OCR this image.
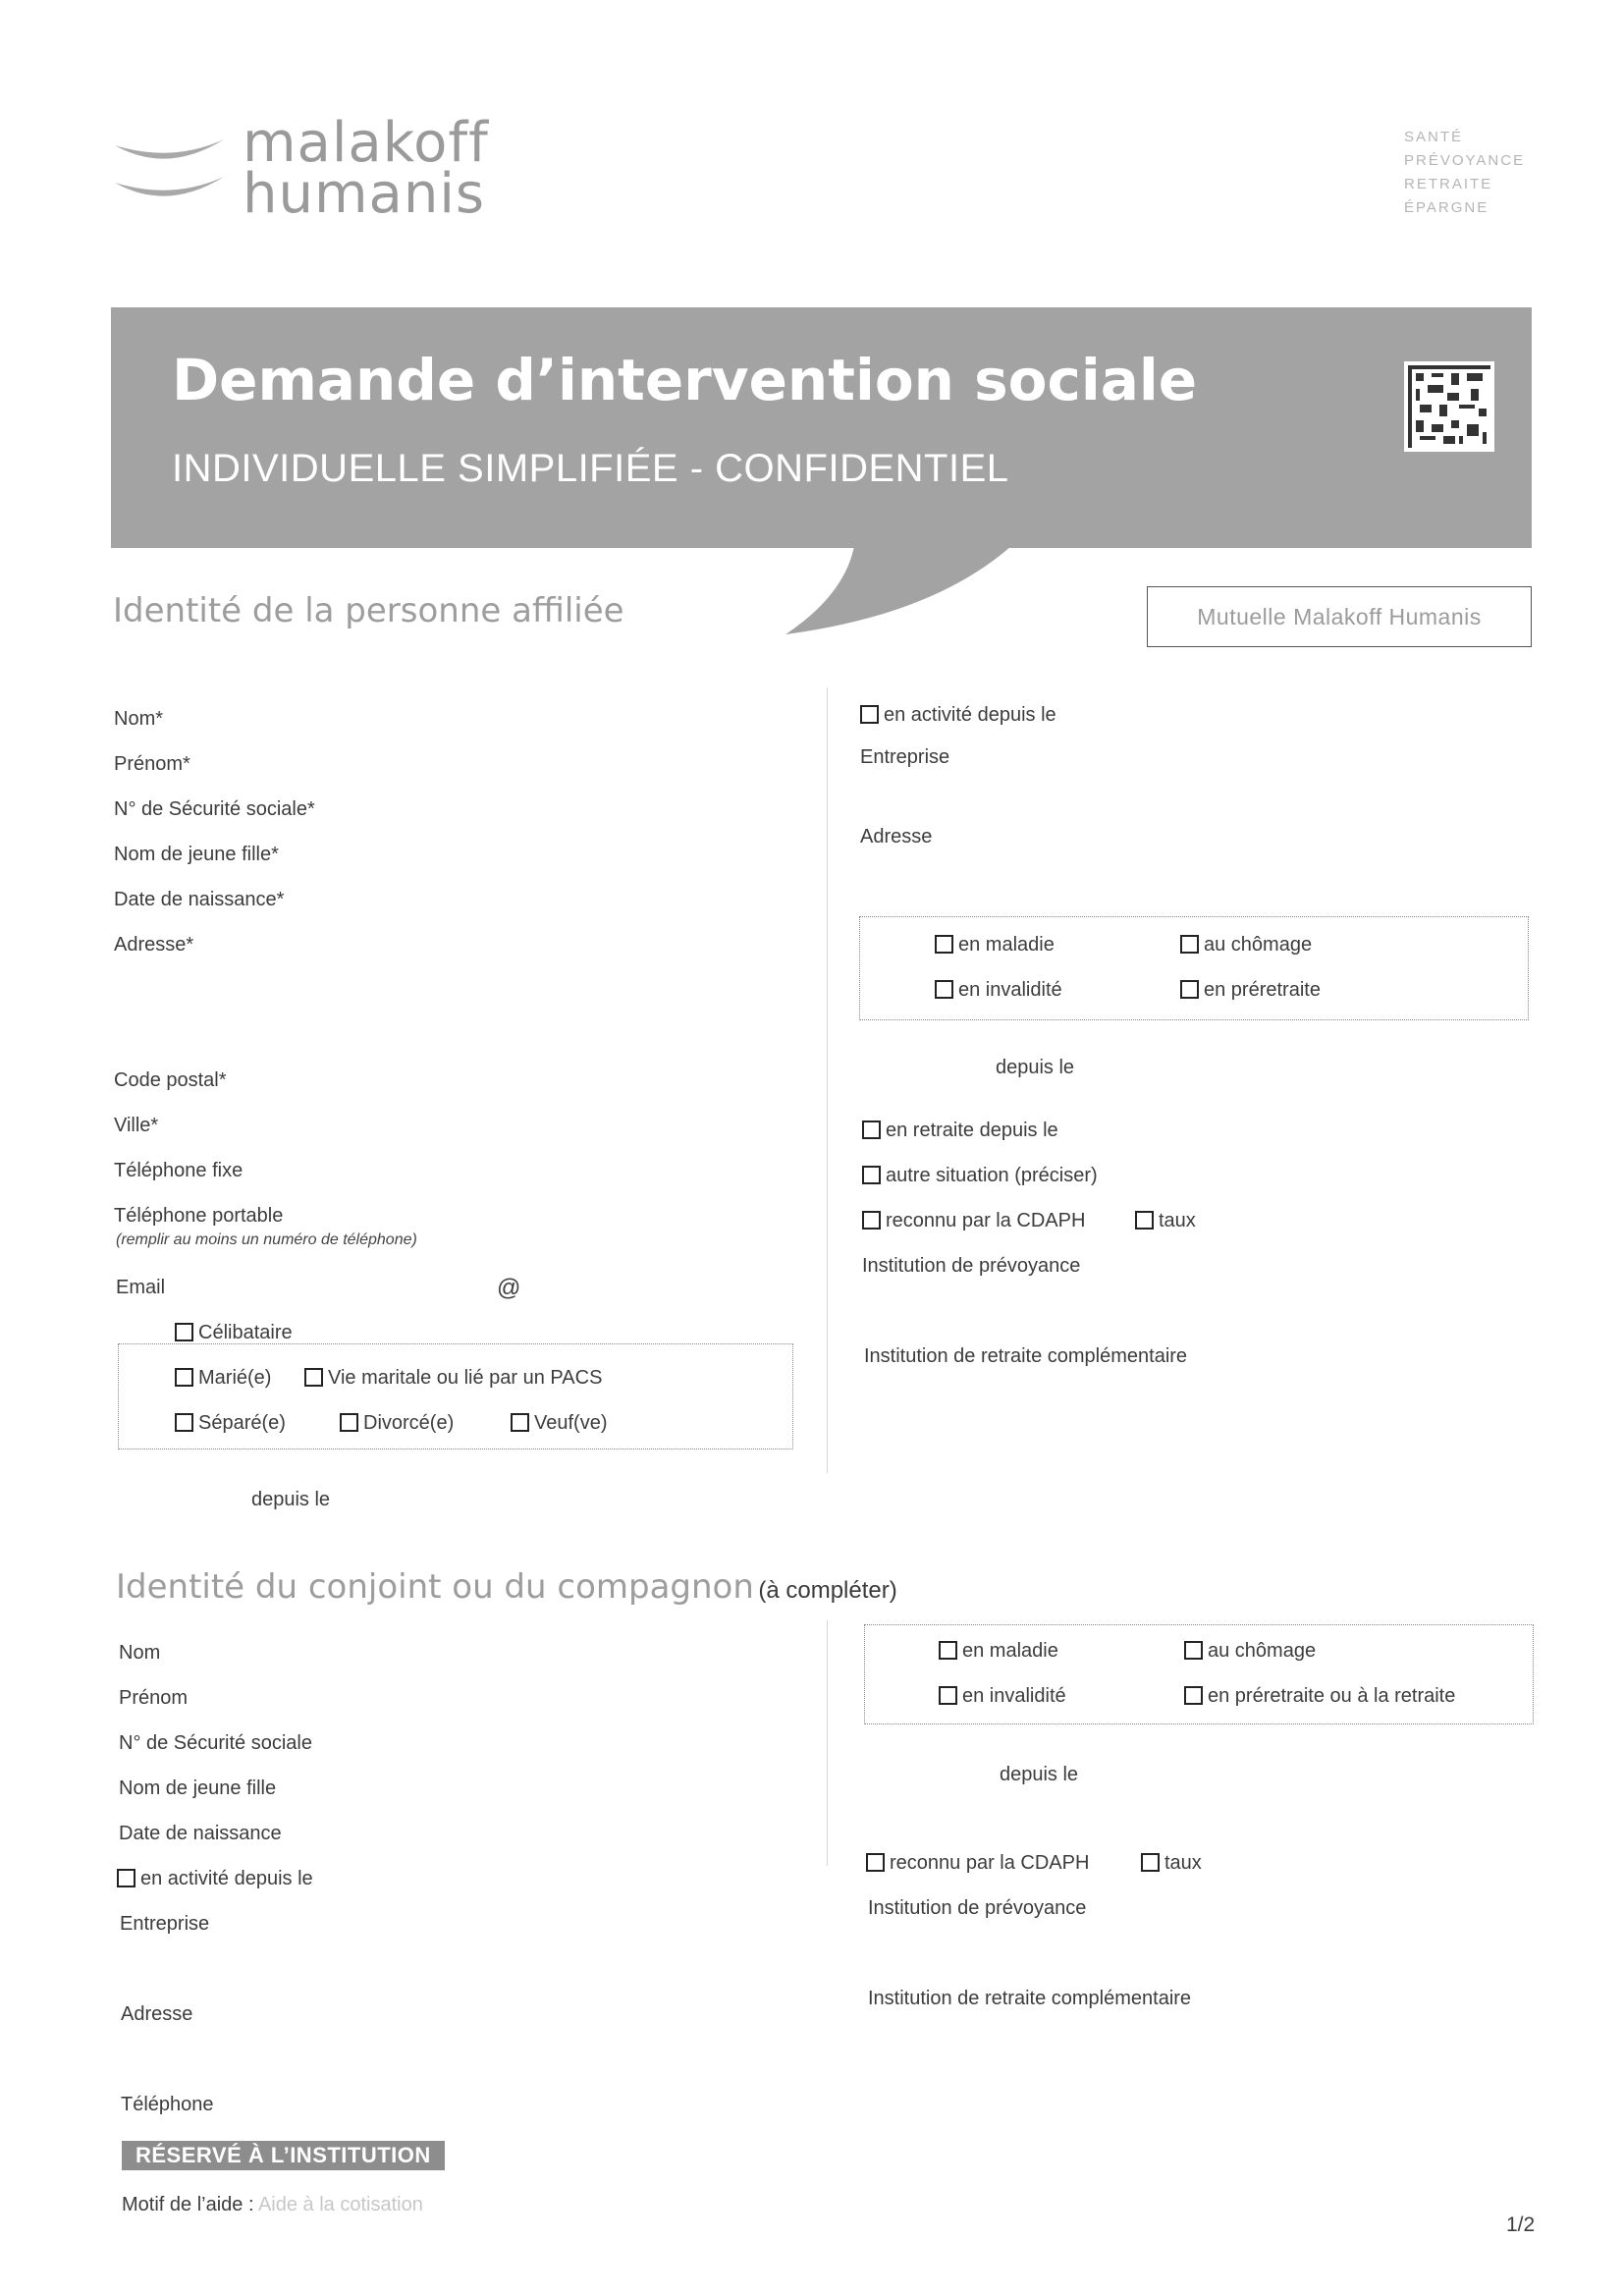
malakoff
humanis
SANTÉ
PRÉVOYANCE
RETRAITE
ÉPARGNE
Demande d’intervention sociale
INDIVIDUELLE SIMPLIFIÉE - CONFIDENTIEL
Identité de la personne affiliée	Mutuelle Malakoff Humanis
Nom*
Prénom*
N° de Sécurité sociale*
Nom de jeune fille*
Date de naissance*
Adresse*
Code postal*
Ville*
Téléphone fixe
Téléphone portable
(remplir au moins un numéro de téléphone)
Email	@
Célibataire
Marié(e)	Vie maritale ou lié par un PACS
Séparé(e)	Divorcé(e)	Veuf(ve)
depuis le
en activité depuis le
Entreprise
Adresse
en maladie	au chômage
en invalidité	en préretraite
depuis le
en retraite depuis le
autre situation (préciser)
reconnu par la CDAPH	taux
Institution de prévoyance
Institution de retraite complémentaire
Identité du conjoint ou du compagnon (à compléter)
Nom
Prénom
N° de Sécurité sociale
Nom de jeune fille
Date de naissance
en activité depuis le
Entreprise
Adresse
Téléphone
en maladie	au chômage
en invalidité	en préretraite ou à la retraite
depuis le
reconnu par la CDAPH	taux
Institution de prévoyance
Institution de retraite complémentaire
RÉSERVÉ À L’INSTITUTION
Motif de l’aide : Aide à la cotisation
1/2
